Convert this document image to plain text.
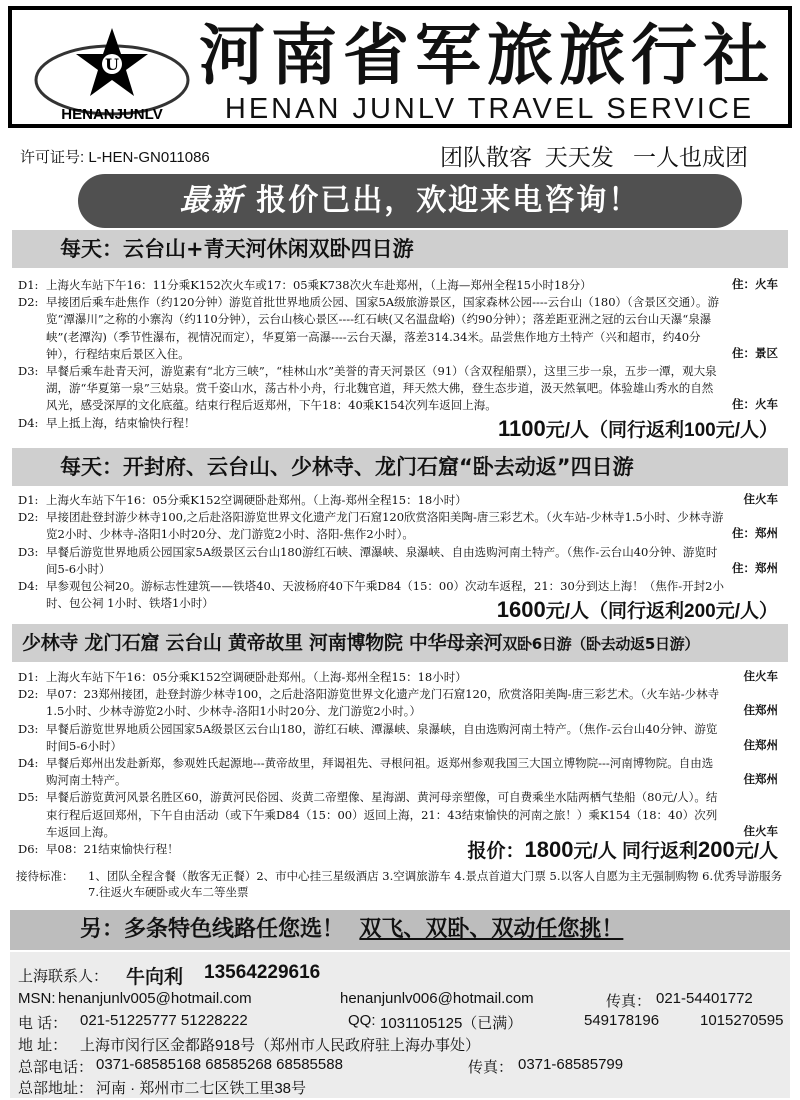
U
HENANJUNLV
河南省军旅旅行社
HENAN JUNLV TRAVEL SERVICE
许可证号: L-HEN-GN011086	团队散客  天天发   一人也成团
最新 报价已出，欢迎来电咨询！
每天：云台山+青天河休闲双卧四日游
D1: 上海火车站下午16：11分乘K152次火车或17：05乘K738次火车赴郑州，（上海—郑州全程15小时18分）	住：火车
D2: 早接团后乘车赴焦作（约120分钟）游览首批世界地质公园、国家5A级旅游景区，国家森林公园----云台山（180）（含景区交通）。游览“潭瀑川”之称的小寨沟（约110分钟），云台山核心景区----红石峡(又名温盘峪)（约90分钟）；落差距亚洲之冠的云台山天瀑“泉瀑峡”(老潭沟)（季节性瀑布，视情况而定），华夏第一高瀑----云台天瀑，落差314.34米。品尝焦作地方土特产（兴和超市，约40分钟），行程结束后景区入住。	住：景区
D3: 早餐后乘车赴青天河，游览素有“北方三峡”，“桂林山水”美誉的青天河景区（91）（含双程船票），这里三步一泉，五步一潭，观大泉湖，游“华夏第一泉”三姑泉。赏千姿山水，荡古朴小舟，行北魏官道，拜天然大佛，登生态步道，汲天然氧吧。体验雄山秀水的自然风光，感受深厚的文化底蕴。结束行程后返郑州，下午18：40乘K154次列车返回上海。	住：火车
D4: 早上抵上海，结束愉快行程！	1100元/人（同行返利100元/人）
每天：开封府、云台山、少林寺、龙门石窟“卧去动返”四日游
D1: 上海火车站下午16：05分乘K152空调硬卧赴郑州。（上海-郑州全程15：18小时）	住火车
D2: 早接团赴登封游少林寺100,之后赴洛阳游览世界文化遗产龙门石窟120欣赏洛阳美陶-唐三彩艺术。（火车站-少林寺1.5小时、少林寺游览2小时、少林寺-洛阳1小时20分、龙门游览2小时、洛阳-焦作2小时）。	住：郑州
D3: 早餐后游览世界地质公园国家5A级景区云台山180游红石峡、潭瀑峡、泉瀑峡、自由选购河南土特产。（焦作-云台山40分钟、游览时间5-6小时）	住：郑州
D4: 早参观包公祠20。游标志性建筑——铁塔40、天波杨府40下午乘D84（15：00）次动车返程，21：30分到达上海！（焦作-开封2小时、包公祠 1小时、铁塔1小时）	1600元/人（同行返利200元/人）
少林寺 龙门石窟 云台山 黄帝故里 河南博物院 中华母亲河双卧6日游（卧去动返5日游）
D1: 上海火车站下午16：05分乘K152空调硬卧赴郑州。（上海-郑州全程15：18小时）	住火车
D2: 早07：23郑州接团，赴登封游少林寺100，之后赴洛阳游览世界文化遗产龙门石窟120，欣赏洛阳美陶-唐三彩艺术。（火车站-少林寺1.5小时、少林寺游览2小时、少林寺-洛阳1小时20分、龙门游览2小时。）	住郑州
D3: 早餐后游览世界地质公园国家5A级景区云台山180，游红石峡、潭瀑峡、泉瀑峡，自由选购河南土特产。（焦作-云台山40分钟、游览时间5-6小时）	住郑州
D4: 早餐后郑州出发赴新郑，参观姓氏起源地---黄帝故里，拜谒祖先、寻根问祖。返郑州参观我国三大国立博物院---河南博物院。自由选购河南土特产。	住郑州
D5: 早餐后游览黄河风景名胜区60，游黄河民俗园、炎黄二帝塑像、星海湖、黄河母亲塑像，可自费乘坐水陆两栖气垫船（80元/人）。结束行程后返回郑州，下午自由活动（或下午乘D84（15：00）返回上海，21：43结束愉快的河南之旅！）乘K154（18：40）次列车返回上海。	住火车
D6: 早08：21结束愉快行程！	报价：1800元/人 同行返利200元/人
接待标准：	1、团队全程含餐（散客无正餐）2、市中心挂三星级酒店 3.空调旅游车 4.景点首道大门票 5.以客人自愿为主无强制购物 6.优秀导游服务 7.往返火车硬卧或火车二等坐票
另：多条特色线路任您选！ 双飞、双卧、双动任您挑！
上海联系人： 牛向利 13564229616
MSN: henanjunlv005@hotmail.com	henanjunlv006@hotmail.com	传真： 021-54401772
电 话： 021-51225777 51228222	QQ: 1031105125（已满）	549178196	1015270595
地 址： 上海市闵行区金都路918号（郑州市人民政府驻上海办事处）
总部电话： 0371-68585168 68585268 68585588	传真： 0371-68585799
总部地址： 河南 · 郑州市二七区铁工里38号
